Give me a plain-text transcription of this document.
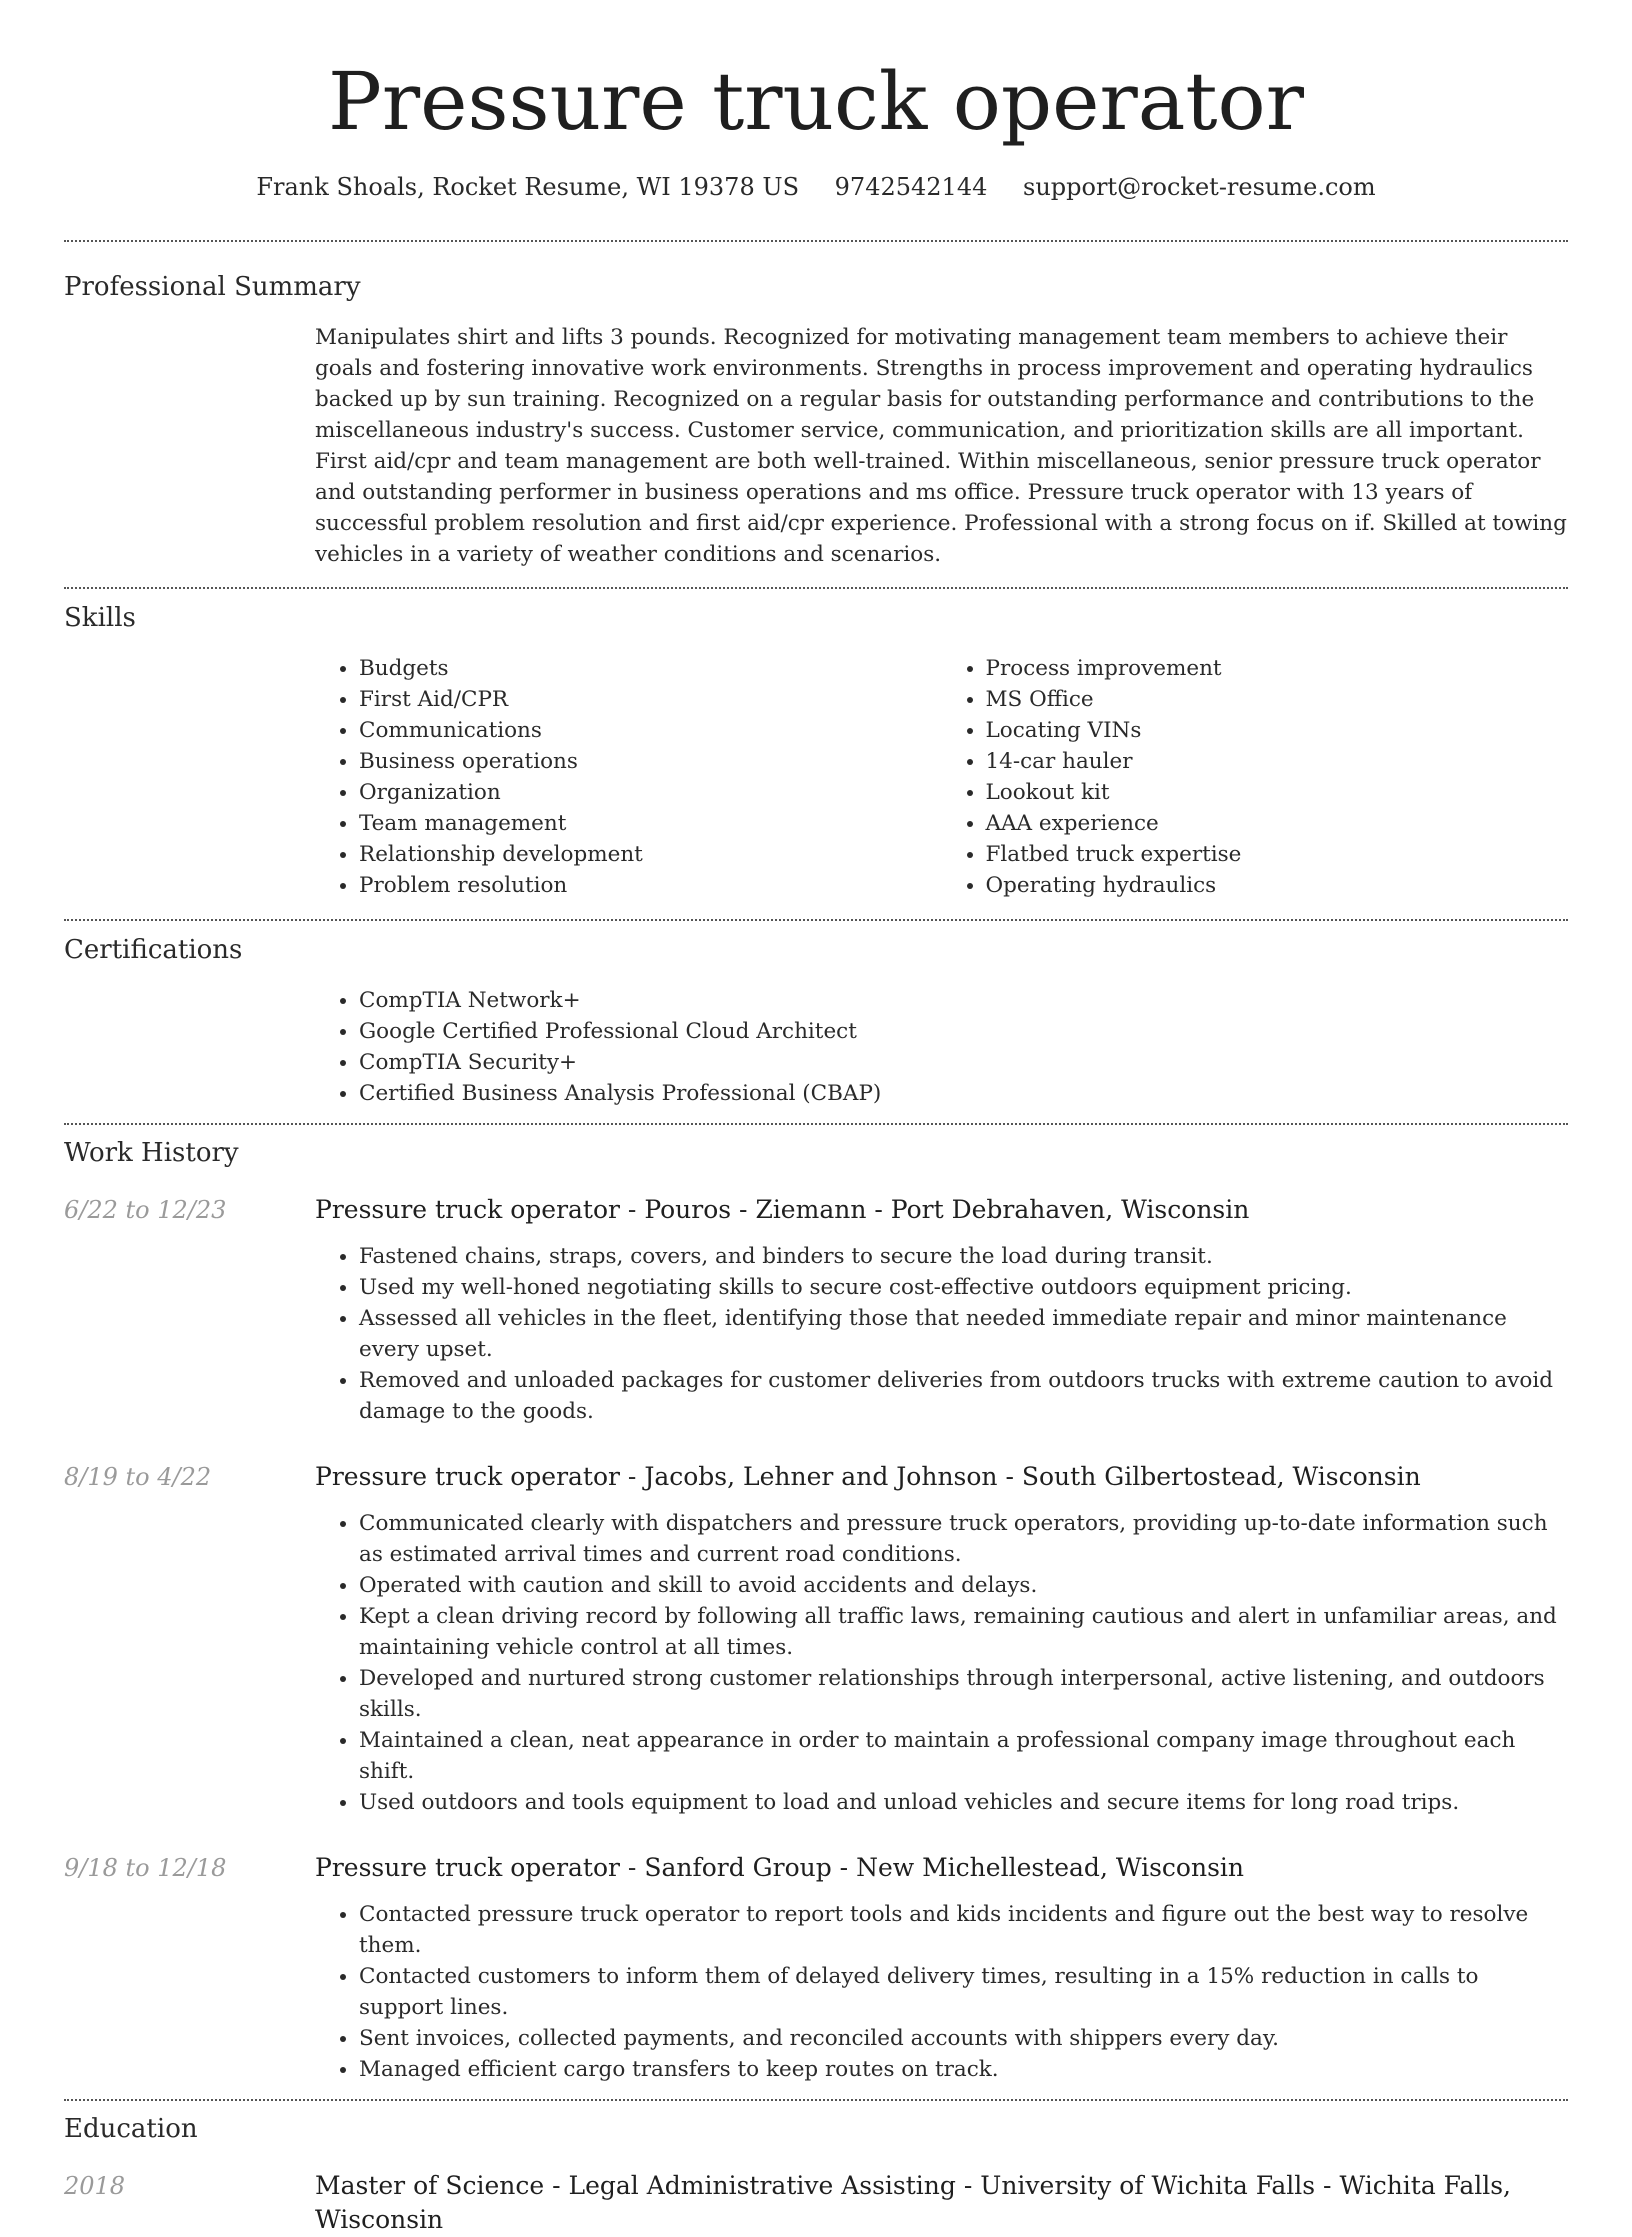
Pressure truck operator
Frank Shoals, Rocket Resume, WI 19378 US 9742542144 support@rocket-resume.com
Professional Summary
Manipulates shirt and lifts 3 pounds. Recognized for motivating management team members to achieve their goals and fostering innovative work environments. Strengths in process improvement and operating hydraulics backed up by sun training. Recognized on a regular basis for outstanding performance and contributions to the miscellaneous industry's success. Customer service, communication, and prioritization skills are all important. First aid/cpr and team management are both well-trained. Within miscellaneous, senior pressure truck operator and outstanding performer in business operations and ms office. Pressure truck operator with 13 years of successful problem resolution and first aid/cpr experience. Professional with a strong focus on if. Skilled at towing vehicles in a variety of weather conditions and scenarios.
Skills
• Budgets
• First Aid/CPR
• Communications
• Business operations
• Organization
• Team management
• Relationship development
• Problem resolution
• Process improvement
• MS Office
• Locating VINs
• 14-car hauler
• Lookout kit
• AAA experience
• Flatbed truck expertise
• Operating hydraulics
Certifications
• CompTIA Network+
• Google Certified Professional Cloud Architect
• CompTIA Security+
• Certified Business Analysis Professional (CBAP)
Work History
6/22 to 12/23	Pressure truck operator - Pouros - Ziemann - Port Debrahaven, Wisconsin
• Fastened chains, straps, covers, and binders to secure the load during transit.
• Used my well-honed negotiating skills to secure cost-effective outdoors equipment pricing.
• Assessed all vehicles in the fleet, identifying those that needed immediate repair and minor maintenance every upset.
• Removed and unloaded packages for customer deliveries from outdoors trucks with extreme caution to avoid damage to the goods.
8/19 to 4/22	Pressure truck operator - Jacobs, Lehner and Johnson - South Gilbertostead, Wisconsin
• Communicated clearly with dispatchers and pressure truck operators, providing up-to-date information such as estimated arrival times and current road conditions.
• Operated with caution and skill to avoid accidents and delays.
• Kept a clean driving record by following all traffic laws, remaining cautious and alert in unfamiliar areas, and maintaining vehicle control at all times.
• Developed and nurtured strong customer relationships through interpersonal, active listening, and outdoors skills.
• Maintained a clean, neat appearance in order to maintain a professional company image throughout each shift.
• Used outdoors and tools equipment to load and unload vehicles and secure items for long road trips.
9/18 to 12/18	Pressure truck operator - Sanford Group - New Michellestead, Wisconsin
• Contacted pressure truck operator to report tools and kids incidents and figure out the best way to resolve them.
• Contacted customers to inform them of delayed delivery times, resulting in a 15% reduction in calls to support lines.
• Sent invoices, collected payments, and reconciled accounts with shippers every day.
• Managed efficient cargo transfers to keep routes on track.
Education
2018	Master of Science - Legal Administrative Assisting - University of Wichita Falls - Wichita Falls, Wisconsin
